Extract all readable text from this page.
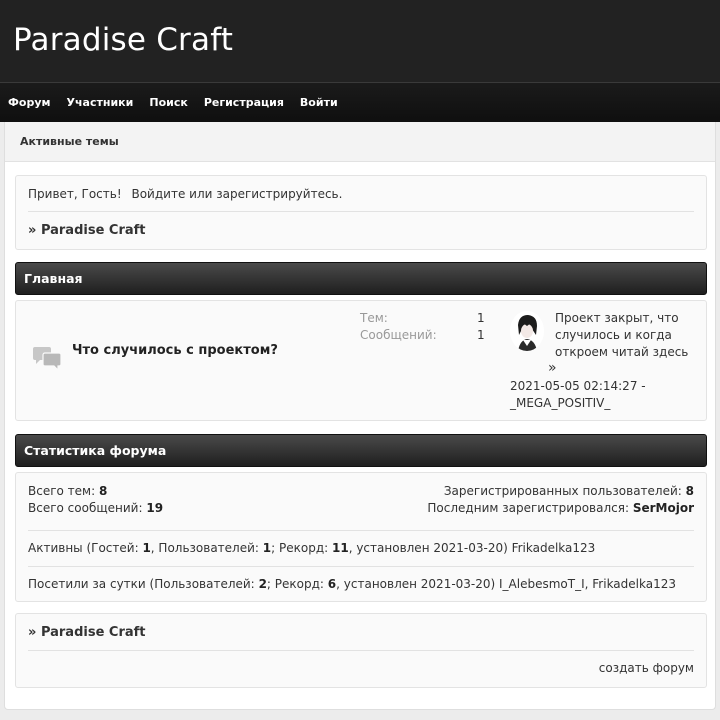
Paradise Craft
Форум Участники Поиск Регистрация Войти
Активные темы
Привет, Гость! Войдите или зарегистрируйтесь.
» Paradise Craft
Главная
Что случилось с проектом?
Тем:	1
Сообщений:	1
Проект закрыт, что случилось и когда откроем читай здесь
»
2021-05-05 02:14:27 -
_MEGA_POSITIV_
Статистика форума
Всего тем: 8
Всего сообщений: 19
Зарегистрированных пользователей: 8
Последним зарегистрировался: SerMojor
Активны (Гостей: 1, Пользователей: 1; Рекорд: 11, установлен 2021-03-20) Frikadelka123
Посетили за сутки (Пользователей: 2; Рекорд: 6, установлен 2021-03-20) I_AlebesmoT_I, Frikadelka123
» Paradise Craft
создать форум
